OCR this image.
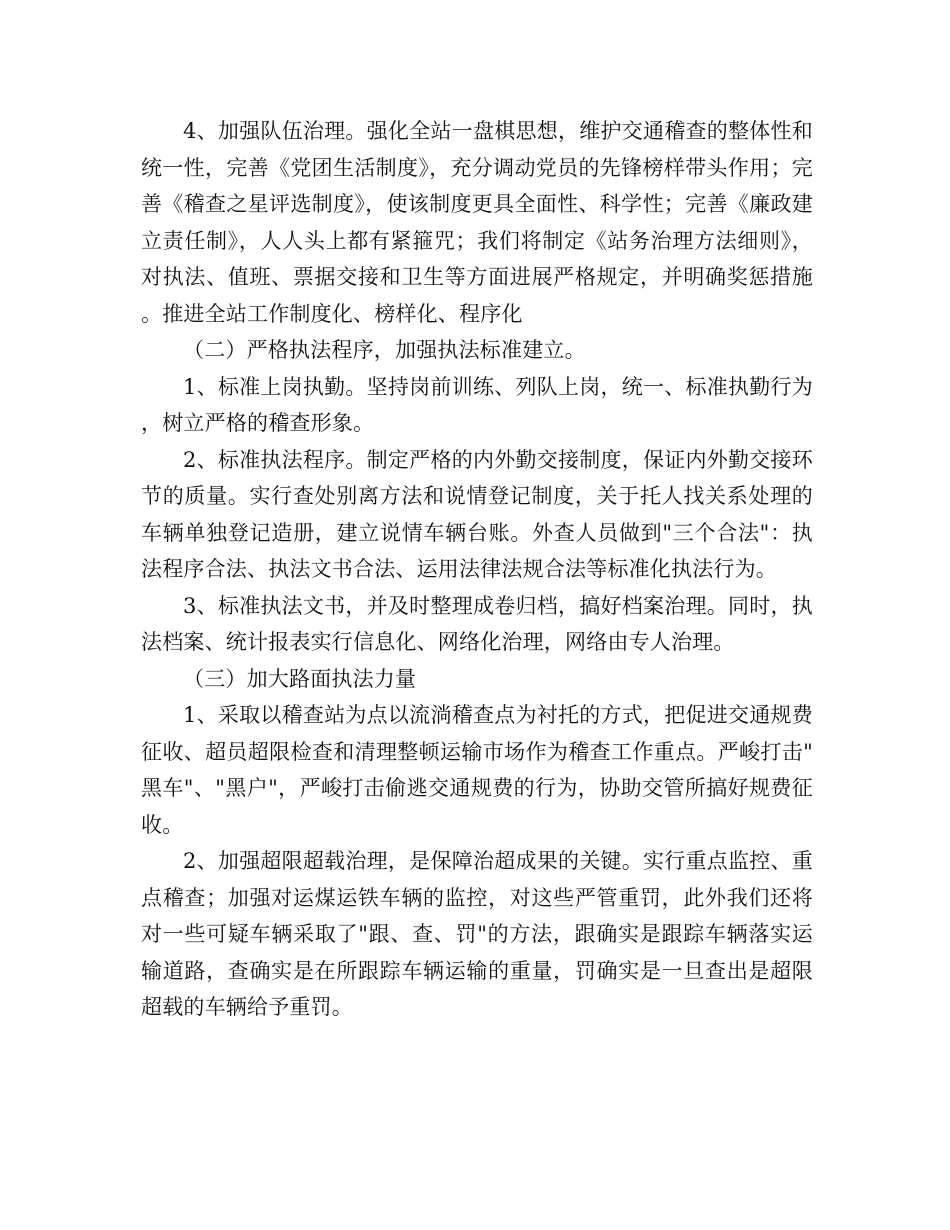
4、加强队伍治理。强化全站一盘棋思想，维护交通稽查的整体性和统一性，完善《党团生活制度》，充分调动党员的先锋榜样带头作用；完善《稽查之星评选制度》，使该制度更具全面性、科学性；完善《廉政建立责任制》，人人头上都有紧箍咒；我们将制定《站务治理方法细则》，对执法、值班、票据交接和卫生等方面进展严格规定，并明确奖惩措施。推进全站工作制度化、榜样化、程序化

（二）严格执法程序，加强执法标准建立。

1、标准上岗执勤。坚持岗前训练、列队上岗，统一、标准执勤行为，树立严格的稽查形象。

2、标准执法程序。制定严格的内外勤交接制度，保证内外勤交接环节的质量。实行查处别离方法和说情登记制度，关于托人找关系处理的车辆单独登记造册，建立说情车辆台账。外查人员做到"三个合法"：执法程序合法、执法文书合法、运用法律法规合法等标准化执法行为。

3、标准执法文书，并及时整理成卷归档，搞好档案治理。同时，执法档案、统计报表实行信息化、网络化治理，网络由专人治理。

（三）加大路面执法力量

1、采取以稽查站为点以流淌稽查点为衬托的方式，把促进交通规费征收、超员超限检查和清理整顿运输市场作为稽查工作重点。严峻打击"黑车"、"黑户"，严峻打击偷逃交通规费的行为，协助交管所搞好规费征收。

2、加强超限超载治理，是保障治超成果的关键。实行重点监控、重点稽查；加强对运煤运铁车辆的监控，对这些严管重罚，此外我们还将对一些可疑车辆采取了"跟、查、罚"的方法，跟确实是跟踪车辆落实运输道路，查确实是在所跟踪车辆运输的重量，罚确实是一旦查出是超限超载的车辆给予重罚。
